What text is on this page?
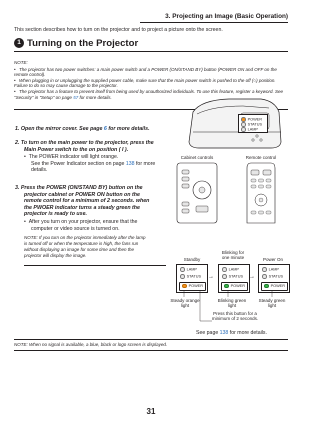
3. Projecting an Image (Basic Operation)
This section describes how to turn on the projector and to project a picture onto the screen.
1 Turning on the Projector

NOTE:

• The projector has two power switches: a main power switch and a POWER (ON/STAND BY) button (POWER ON and OFF on the remote control).

• When plugging in or unplugging the supplied power cable, make sure that the main power switch is pushed to the off (○) position. Failure to do so may cause damage to the projector.

• The projector has a feature to prevent itself from being used by unauthorized individuals. To use this feature, register a keyword. See "Security" in "Setup" on page 57 for more details.

1. Open the mirror cover. See page 6 for more details.
2. To turn on the main power to the projector, press the
Main Power switch to the on position ( I ).
•  The POWER indicator will light orange.
See the Power Indicator section on page 138 for more
details.
3. Press the POWER (ON/STAND BY) button on the
projector cabinet or POWER ON button on the
remote control for a minimum of 2 seconds. when
the PWOER indicator turns a steady green the
projector is ready to use.
•  After you turn on your projector, ensure that the
computer or video source is turned on.
NOTE: If you turn on the projector immediately after the lamp
is turned off or when the temperature is high, the fans run
without displaying an image for some time and then the
projector will display the image.
POWER
STATUS
LAMP
Cabinet controls	Remote control
Standby
Blinking for
one minute	Power On
LAMP
STATUS
POWER
LAMP
STATUS
POWER
LAMP
STATUS
POWER
→	→
Steady orange
light
Blinking green
light
Steady green
light
Press this button for a
minimum of 2 seconds.
See page 138 for more details.
NOTE: When no signal is available, a blue, black or logo screen is displayed.
31
